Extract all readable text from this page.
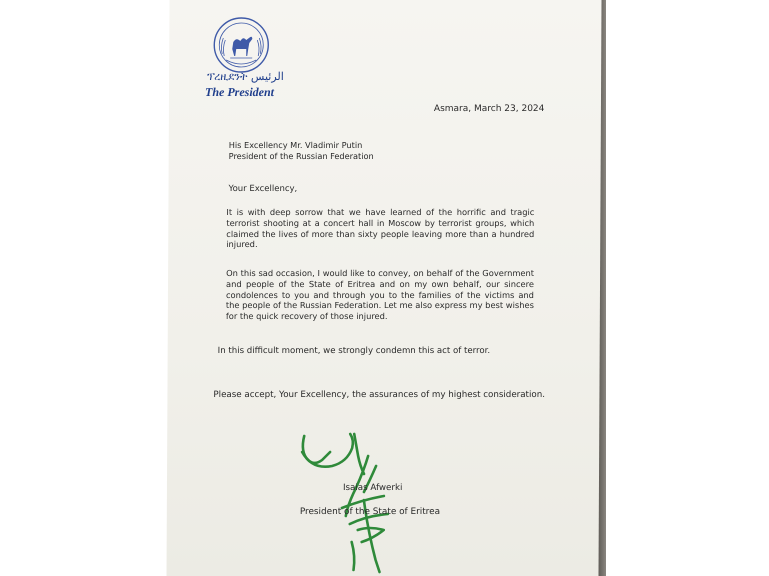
ፕረዚደንት الرئيس
The President
Asmara, March 23, 2024
His Excellency Mr. Vladimir Putin
President of the Russian Federation
Your Excellency,
It is with deep sorrow that we have learned of the horrific and tragic terrorist shooting at a concert hall in Moscow by terrorist groups, which claimed the lives of more than sixty people leaving more than a hundred injured.
On this sad occasion, I would like to convey, on behalf of the Government and people of the State of Eritrea and on my own behalf, our sincere condolences to you and through you to the families of the victims and the people of the Russian Federation. Let me also express my best wishes for the quick recovery of those injured.
In this difficult moment, we strongly condemn this act of terror.
Please accept, Your Excellency, the assurances of my highest consideration.
Isaias Afwerki
President of the State of Eritrea
